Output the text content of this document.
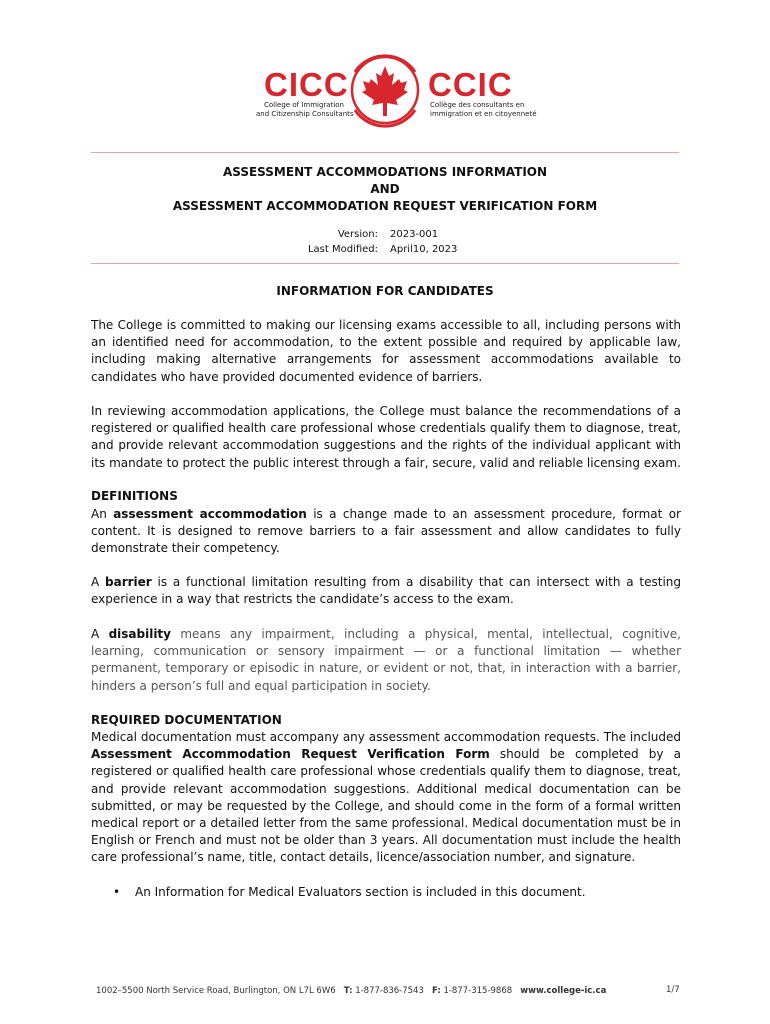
CICC
College of Immigration
and Citizenship Consultants
CCIC
Collège des consultants en
immigration et en citoyenneté
ASSESSMENT ACCOMMODATIONS INFORMATION
AND
ASSESSMENT ACCOMMODATION REQUEST VERIFICATION FORM
Version: 2023-001
Last Modified: April10, 2023
INFORMATION FOR CANDIDATES
The College is committed to making our licensing exams accessible to all, including persons with an identified need for accommodation, to the extent possible and required by applicable law, including making alternative arrangements for assessment accommodations available to candidates who have provided documented evidence of barriers.
In reviewing accommodation applications, the College must balance the recommendations of a registered or qualified health care professional whose credentials qualify them to diagnose, treat, and provide relevant accommodation suggestions and the rights of the individual applicant with its mandate to protect the public interest through a fair, secure, valid and reliable licensing exam.
DEFINITIONS
An assessment accommodation is a change made to an assessment procedure, format or content. It is designed to remove barriers to a fair assessment and allow candidates to fully demonstrate their competency.
A barrier is a functional limitation resulting from a disability that can intersect with a testing experience in a way that restricts the candidate’s access to the exam.
A disability means any impairment, including a physical, mental, intellectual, cognitive, learning, communication or sensory impairment — or a functional limitation — whether permanent, temporary or episodic in nature, or evident or not, that, in interaction with a barrier, hinders a person’s full and equal participation in society.
REQUIRED DOCUMENTATION
Medical documentation must accompany any assessment accommodation requests. The included Assessment Accommodation Request Verification Form should be completed by a registered or qualified health care professional whose credentials qualify them to diagnose, treat, and provide relevant accommodation suggestions. Additional medical documentation can be submitted, or may be requested by the College, and should come in the form of a formal written medical report or a detailed letter from the same professional. Medical documentation must be in English or French and must not be older than 3 years. All documentation must include the health care professional’s name, title, contact details, licence/association number, and signature.
• An Information for Medical Evaluators section is included in this document.
1002–5500 North Service Road, Burlington, ON L7L 6W6 T: 1-877-836-7543 F: 1-877-315-9868 www.college-ic.ca	1/7
